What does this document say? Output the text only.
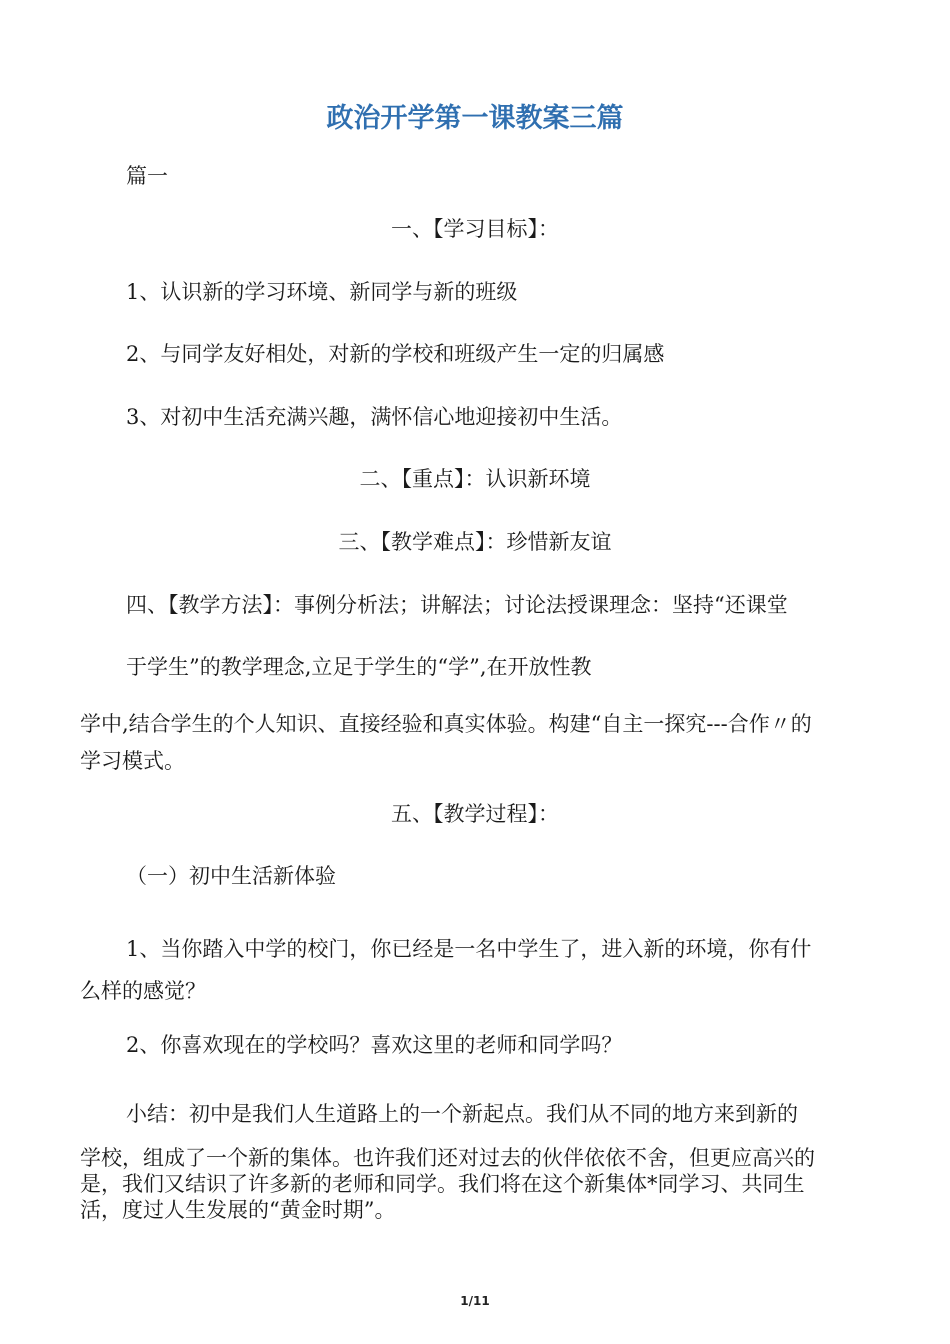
政治开学第一课教案三篇

篇一

一、【学习目标】：

1、认识新的学习环境、新同学与新的班级

2、与同学友好相处，对新的学校和班级产生一定的归属感

3、对初中生活充满兴趣，满怀信心地迎接初中生活。

二、【重点】：认识新环境

三、【教学难点】：珍惜新友谊

四、【教学方法】：事例分析法；讲解法；讨论法授课理念：坚持“还课堂

于学生”的教学理念,立足于学生的“学”,在开放性教

学中,结合学生的个人知识、直接经验和真实体验。构建“自主一探究---合作〃的

学习模式。

五、【教学过程】：

（一）初中生活新体验

1、当你踏入中学的校门，你已经是一名中学生了，进入新的环境，你有什

么样的感觉？

2、你喜欢现在的学校吗？喜欢这里的老师和同学吗？

小结：初中是我们人生道路上的一个新起点。我们从不同的地方来到新的

学校，组成了一个新的集体。也许我们还对过去的伙伴依依不舍，但更应高兴的

是，我们又结识了许多新的老师和同学。我们将在这个新集体*同学习、共同生

活，度过人生发展的“黄金时期”。

1/11
